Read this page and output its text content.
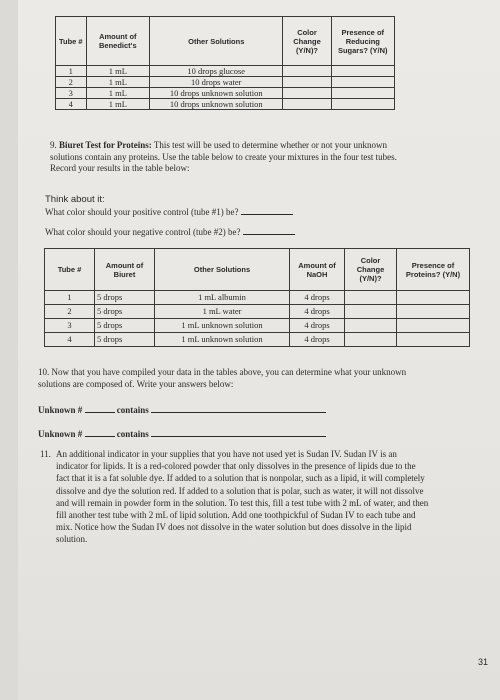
Tube #	Amount of Benedict's	Other Solutions	Color Change (Y/N)?	Presence of Reducing Sugars? (Y/N)
1	1 mL	10 drops glucose		
2	1 mL	10 drops water		
3	1 mL	10 drops unknown solution		
4	1 mL	10 drops unknown solution		
9. Biuret Test for Proteins: This test will be used to determine whether or not your unknown solutions contain any proteins. Use the table below to create your mixtures in the four test tubes. Record your results in the table below:
Think about it:
What color should your positive control (tube #1) be?
What color should your negative control (tube #2) be?
Tube #	Amount of Biuret	Other Solutions	Amount of NaOH	Color Change (Y/N)?	Presence of Proteins? (Y/N)
1	5 drops	1 mL albumin	4 drops		
2	5 drops	1 mL water	4 drops		
3	5 drops	1 mL unknown solution	4 drops		
4	5 drops	1 mL unknown solution	4 drops		
10. Now that you have compiled your data in the tables above, you can determine what your unknown solutions are composed of. Write your answers below:
Unknown #	contains
Unknown #	contains
11. An additional indicator in your supplies that you have not used yet is Sudan IV. Sudan IV is an indicator for lipids. It is a red-colored powder that only dissolves in the presence of lipids due to the fact that it is a fat soluble dye. If added to a solution that is nonpolar, such as a lipid, it will completely dissolve and dye the solution red. If added to a solution that is polar, such as water, it will not dissolve and will remain in powder form in the solution. To test this, fill a test tube with 2 mL of water, and then fill another test tube with 2 mL of lipid solution. Add one toothpickful of Sudan IV to each tube and mix. Notice how the Sudan IV does not dissolve in the water solution but does dissolve in the lipid solution.
31
